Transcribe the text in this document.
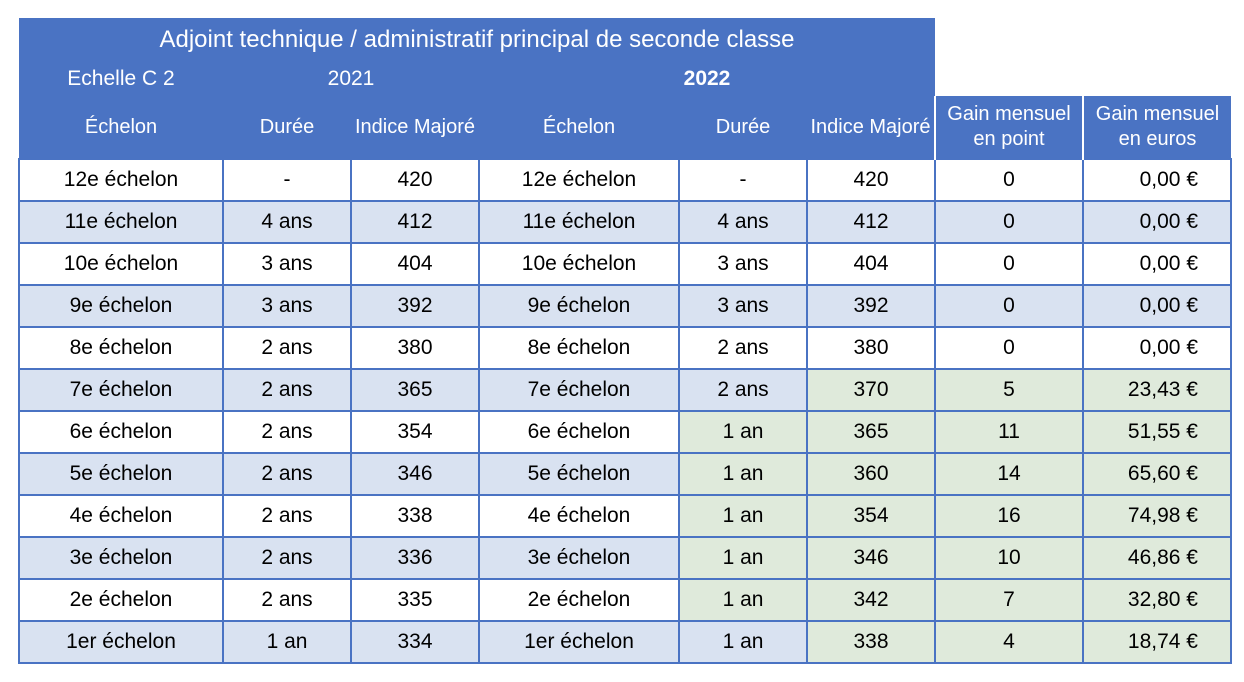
Adjoint technique / administratif principal de seconde classe							
Echelle C 2	2021		2022				
Échelon	Durée	Indice Majoré	Échelon	Durée	Indice Majoré	Gain mensuel en point	Gain mensuel en euros
12e échelon	-	420	12e échelon	-	420	0	0,00 €
11e échelon	4 ans	412	11e échelon	4 ans	412	0	0,00 €
10e échelon	3 ans	404	10e échelon	3 ans	404	0	0,00 €
9e échelon	3 ans	392	9e échelon	3 ans	392	0	0,00 €
8e échelon	2 ans	380	8e échelon	2 ans	380	0	0,00 €
7e échelon	2 ans	365	7e échelon	2 ans	370	5	23,43 €
6e échelon	2 ans	354	6e échelon	1 an	365	11	51,55 €
5e échelon	2 ans	346	5e échelon	1 an	360	14	65,60 €
4e échelon	2 ans	338	4e échelon	1 an	354	16	74,98 €
3e échelon	2 ans	336	3e échelon	1 an	346	10	46,86 €
2e échelon	2 ans	335	2e échelon	1 an	342	7	32,80 €
1er échelon	1 an	334	1er échelon	1 an	338	4	18,74 €
